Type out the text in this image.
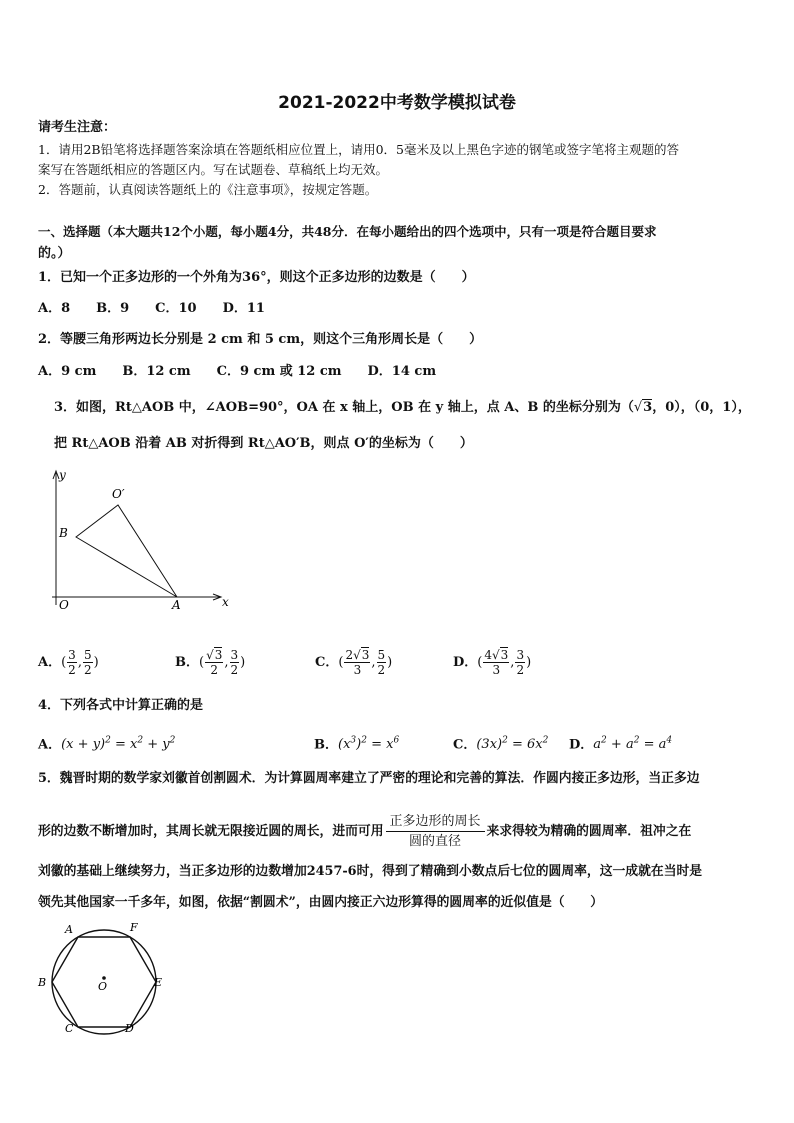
2021-2022中考数学模拟试卷
请考生注意：
1．请用2B铅笔将选择题答案涂填在答题纸相应位置上，请用0．5毫米及以上黑色字迹的钢笔或签字笔将主观题的答
案写在答题纸相应的答题区内。写在试题卷、草稿纸上均无效。
2．答题前，认真阅读答题纸上的《注意事项》，按规定答题。
一、选择题（本大题共12个小题，每小题4分，共48分．在每小题给出的四个选项中，只有一项是符合题目要求
的。）
1．已知一个正多边形的一个外角为36°，则这个正多边形的边数是（　　）
A．8　　B．9　　C．10　　D．11
2．等腰三角形两边长分别是 2 cm 和 5 cm，则这个三角形周长是（　　）
A．9 cm　　B．12 cm　　C．9 cm 或 12 cm　　D．14 cm
3．如图，Rt△AOB 中，∠AOB=90°，OA 在 x 轴上，OB 在 y 轴上，点 A、B 的坐标分别为（√3，0），（0，1），
把 Rt△AOB 沿着 AB 对折得到 Rt△AO′B，则点 O′的坐标为（　　）
y
x
O′
B
O	A
A．( $\frac{3}{2}$ , $\frac{5}{2}$ )	B．( $\frac{√3}{2}$ , $\frac{3}{2}$ )	C．( $\frac{2√3}{3}$ , $\frac{5}{2}$ )	D．( $\frac{4√3}{3}$ , $\frac{3}{2}$ )
4．下列各式中计算正确的是
A．$(x + y)^2 = x^2 + y^2$	B．$(x^3)^2 = x^6$	C．$(3x)^2 = 6x^2$ D．$a^2 + a^2 = a^4$
5．魏晋时期的数学家刘徽首创割圆术．为计算圆周率建立了严密的理论和完善的算法．作圆内接正多边形，当正多边
形的边数不断增加时，其周长就无限接近圆的周长，进而可用 $\frac{\text{正多边形的周长}}{\text{圆的直径}}$ 来求得较为精确的圆周率．祖冲之在
刘徽的基础上继续努力，当正多边形的边数增加2457-6时，得到了精确到小数点后七位的圆周率，这一成就在当时是
领先其他国家一千多年，如图，依据“割圆术”，由圆内接正六边形算得的圆周率的近似值是（　　）
A	F
B	E
C	D
O
